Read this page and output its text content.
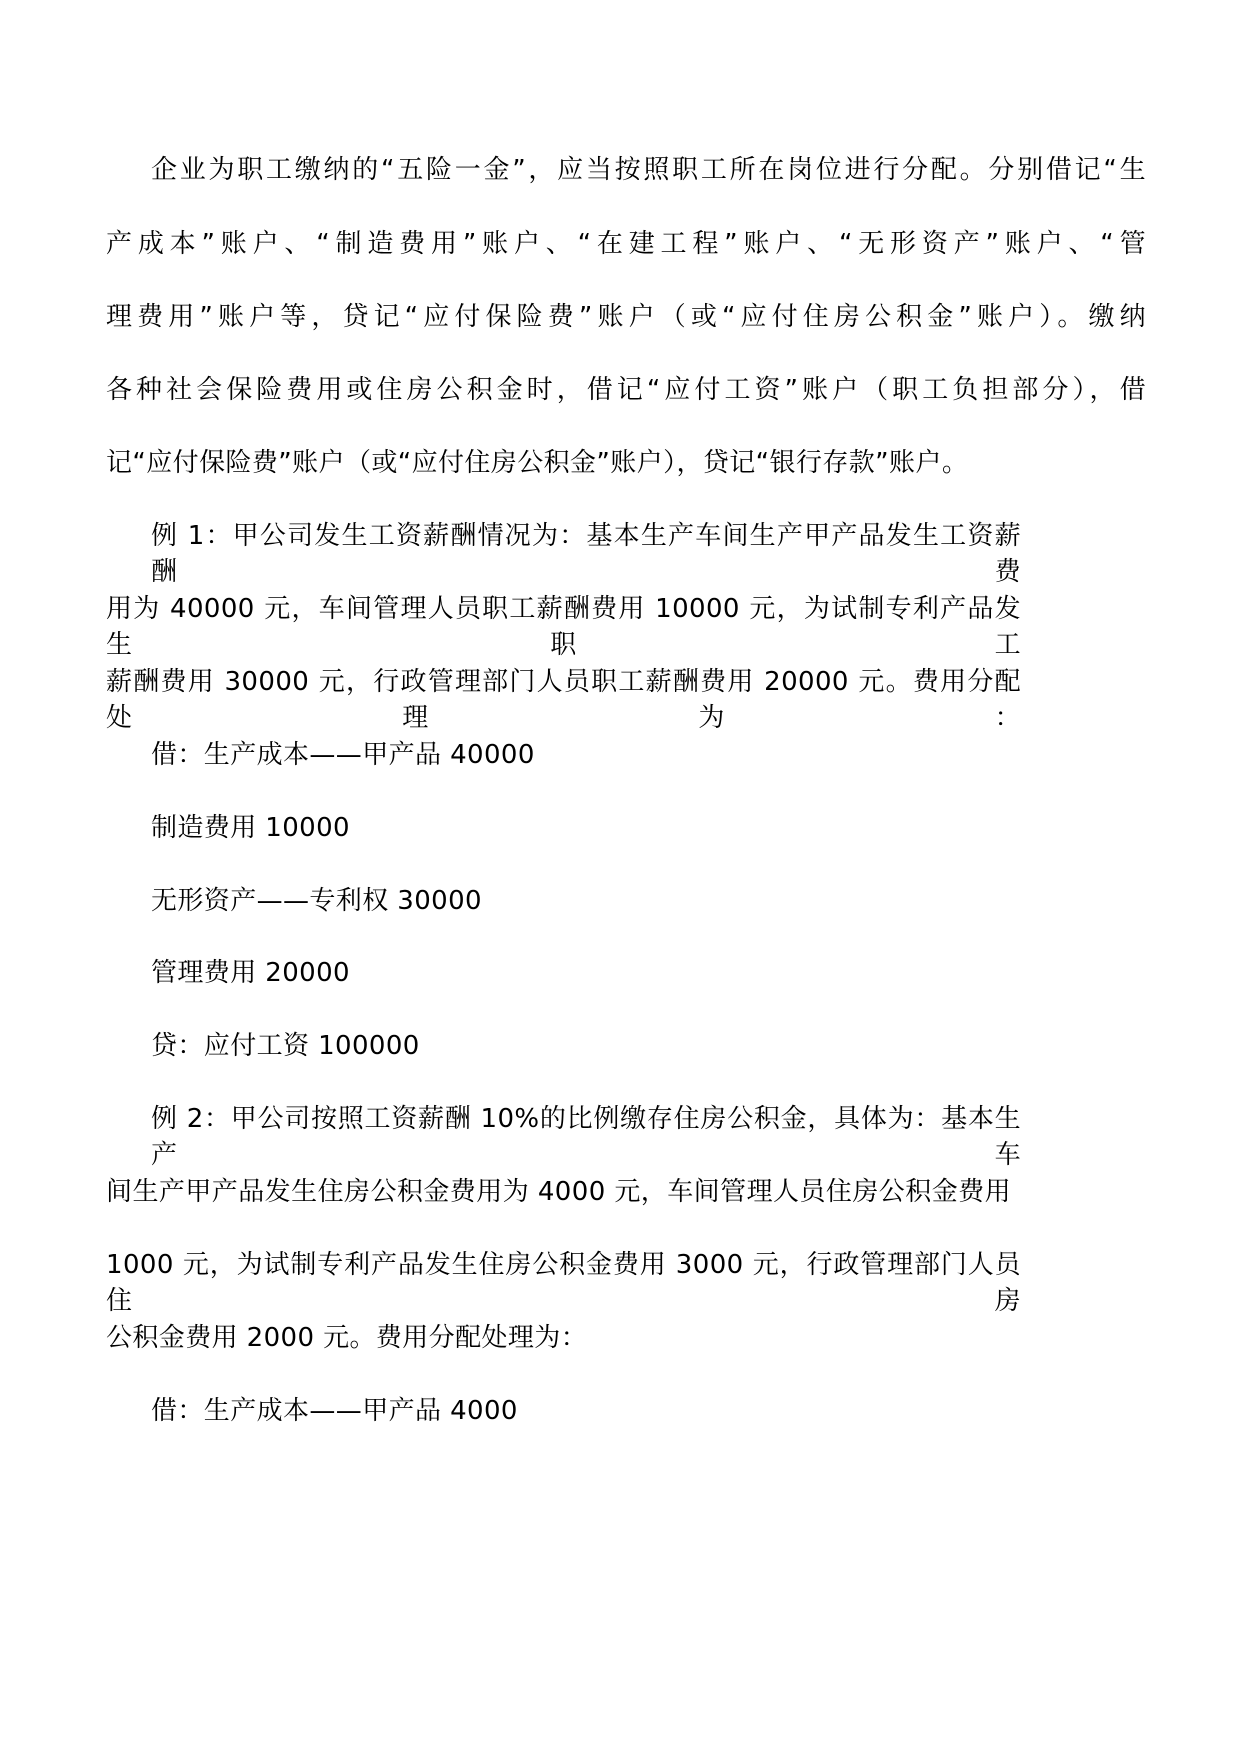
企业为职工缴纳的“五险一金”，应当按照职工所在岗位进行分配。分别借记“生
产成本”账户、“制造费用”账户、“在建工程”账户、“无形资产”账户、“管
理费用”账户等，贷记“应付保险费”账户（或“应付住房公积金”账户）。缴纳
各种社会保险费用或住房公积金时，借记“应付工资”账户（职工负担部分），借
记“应付保险费”账户（或“应付住房公积金”账户），贷记“银行存款”账户。
例 1：甲公司发生工资薪酬情况为：基本生产车间生产甲产品发生工资薪酬费
用为 40000 元，车间管理人员职工薪酬费用 10000 元，为试制专利产品发生职工
薪酬费用 30000 元，行政管理部门人员职工薪酬费用 20000 元。费用分配处理为：
借：生产成本——甲产品 40000
制造费用 10000
无形资产——专利权 30000
管理费用 20000
贷：应付工资 100000
例 2：甲公司按照工资薪酬 10%的比例缴存住房公积金，具体为：基本生产车
间生产甲产品发生住房公积金费用为 4000 元，车间管理人员住房公积金费用
1000 元，为试制专利产品发生住房公积金费用 3000 元，行政管理部门人员住房
公积金费用 2000 元。费用分配处理为：
借：生产成本——甲产品 4000
